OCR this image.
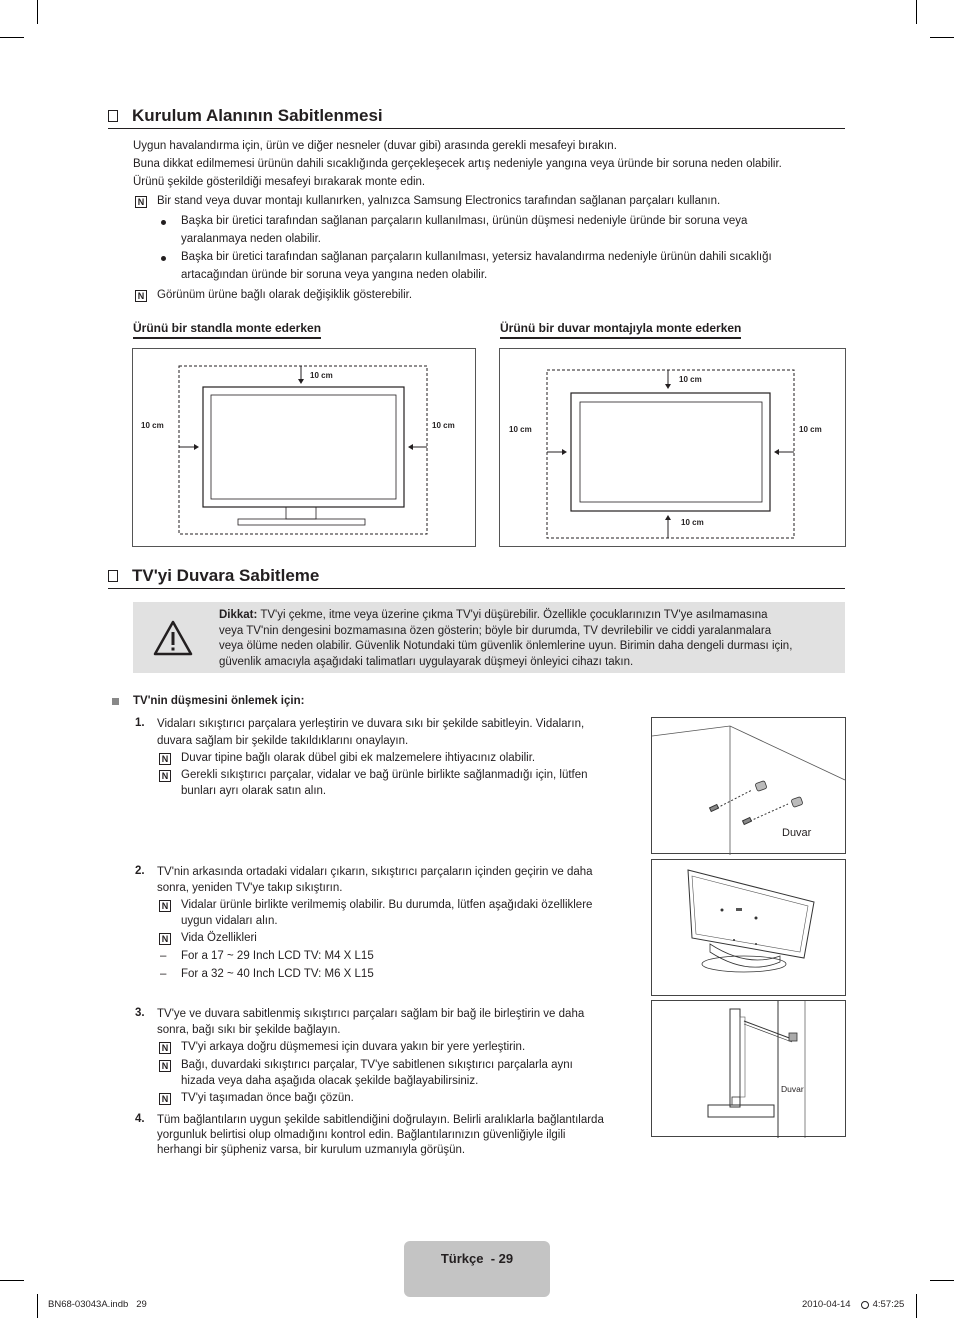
Kurulum Alanının Sabitlenmesi
Uygun havalandırma için, ürün ve diğer nesneler (duvar gibi) arasında gerekli mesafeyi bırakın.
Buna dikkat edilmemesi ürünün dahili sıcaklığında gerçekleşecek artış nedeniyle yangına veya üründe bir soruna neden olabilir.
Ürünü şekilde gösterildiği mesafeyi bırakarak monte edin.
N Bir stand veya duvar montajı kullanırken, yalnızca Samsung Electronics tarafından sağlanan parçaları kullanın.
Başka bir üretici tarafından sağlanan parçaların kullanılması, ürünün düşmesi nedeniyle üründe bir soruna veya
yaralanmaya neden olabilir.
Başka bir üretici tarafından sağlanan parçaların kullanılması, yetersiz havalandırma nedeniyle ürünün dahili sıcaklığı
artacağından üründe bir soruna veya yangına neden olabilir.
N Görünüm ürüne bağlı olarak değişiklik gösterebilir.
Ürünü bir standla monte ederken	Ürünü bir duvar montajıyla monte ederken
10 cm
10 cm	10 cm
10 cm
10 cm
10 cm	10 cm
TV'yi Duvara Sabitleme
Dikkat: TV'yi çekme, itme veya üzerine çıkma TV'yi düşürebilir. Özellikle çocuklarınızın TV'ye asılmamasına
veya TV'nin dengesini bozmamasına özen gösterin; böyle bir durumda, TV devrilebilir ve ciddi yaralanmalara
veya ölüme neden olabilir. Güvenlik Notundaki tüm güvenlik önlemlerine uyun. Birimin daha dengeli durması için,
güvenlik amacıyla aşağıdaki talimatları uygulayarak düşmeyi önleyici cihazı takın.
TV'nin düşmesini önlemek için:
1. Vidaları sıkıştırıcı parçalara yerleştirin ve duvara sıkı bir şekilde sabitleyin. Vidaların,
duvara sağlam bir şekilde takıldıklarını onaylayın.
N Duvar tipine bağlı olarak dübel gibi ek malzemelere ihtiyacınız olabilir.
N Gerekli sıkıştırıcı parçalar, vidalar ve bağ ürünle birlikte sağlanmadığı için, lütfen
bunları ayrı olarak satın alın.
2. TV'nin arkasında ortadaki vidaları çıkarın, sıkıştırıcı parçaların içinden geçirin ve daha
sonra, yeniden TV'ye takıp sıkıştırın.
N Vidalar ürünle birlikte verilmemiş olabilir. Bu durumda, lütfen aşağıdaki özelliklere
uygun vidaları alın.
N Vida Özellikleri
– For a 17 ~ 29 Inch LCD TV: M4 X L15
– For a 32 ~ 40 Inch LCD TV: M6 X L15
3. TV'ye ve duvara sabitlenmiş sıkıştırıcı parçaları sağlam bir bağ ile birleştirin ve daha
sonra, bağı sıkı bir şekilde bağlayın.
N TV'yi arkaya doğru düşmemesi için duvara yakın bir yere yerleştirin.
N Bağı, duvardaki sıkıştırıcı parçalar, TV'ye sabitlenen sıkıştırıcı parçalarla aynı
hizada veya daha aşağıda olacak şekilde bağlayabilirsiniz.
N TV'yi taşımadan önce bağı çözün.
4. Tüm bağlantıların uygun şekilde sabitlendiğini doğrulayın. Belirli aralıklarla bağlantılarda
yorgunluk belirtisi olup olmadığını kontrol edin. Bağlantılarınızın güvenliğiyle ilgili
herhangi bir şüpheniz varsa, bir kurulum uzmanıyla görüşün.
Duvar
Duvar
Türkçe  - 29
BN68-03043A.indb   29	2010-04-14 4:57:25
